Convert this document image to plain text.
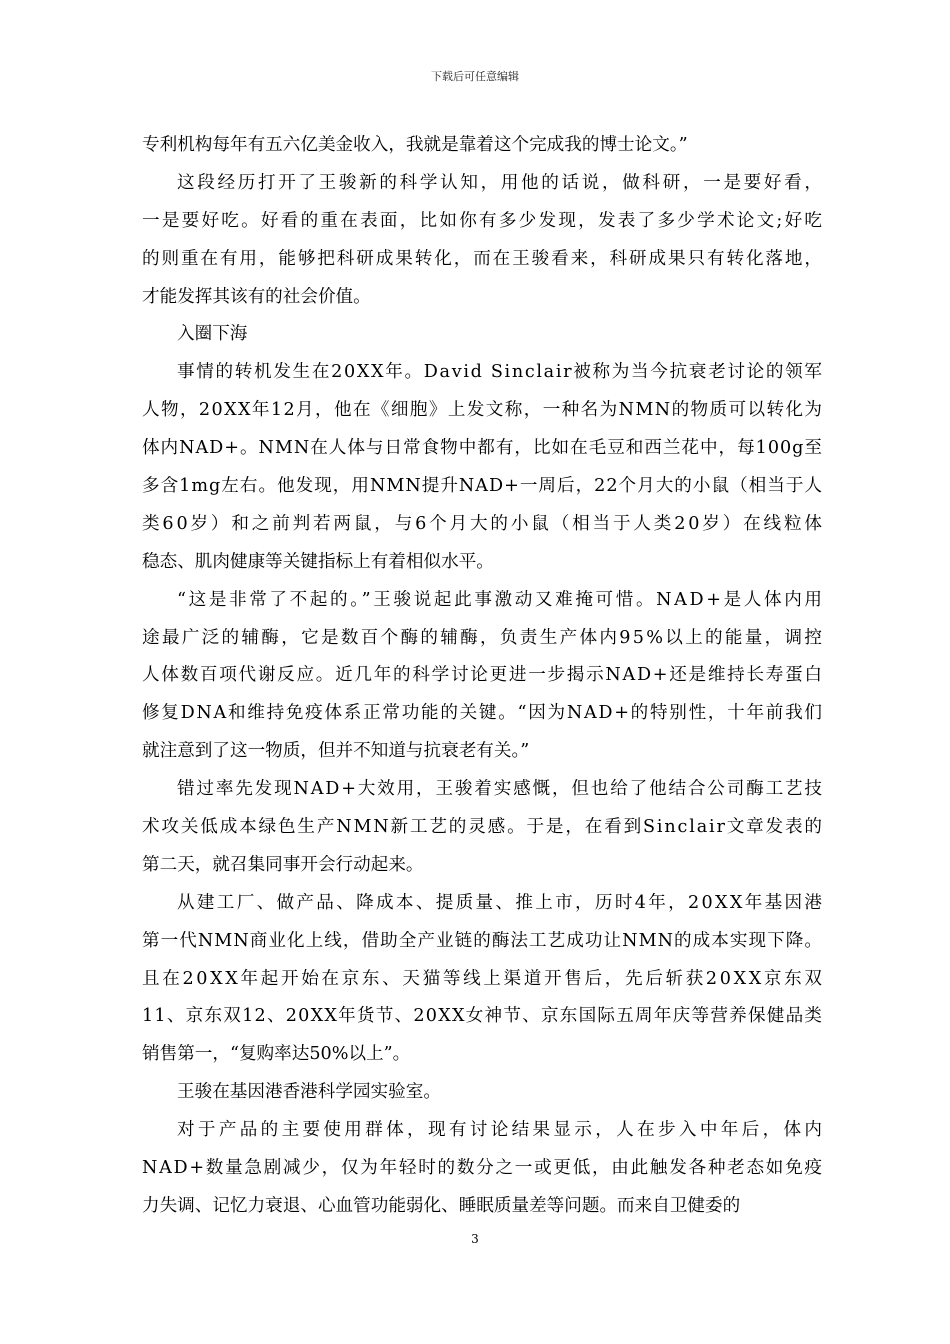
下载后可任意编辑
专利机构每年有五六亿美金收入，我就是靠着这个完成我的博士论文。”
这段经历打开了王骏新的科学认知，用他的话说，做科研，一是要好看，
一是要好吃。好看的重在表面，比如你有多少发现，发表了多少学术论文;好吃
的则重在有用，能够把科研成果转化，而在王骏看来，科研成果只有转化落地，
才能发挥其该有的社会价值。
入圈下海
事情的转机发生在20XX年。David Sinclair被称为当今抗衰老讨论的领军
人物，20XX年12月，他在《细胞》上发文称，一种名为NMN的物质可以转化为
体内NAD+。NMN在人体与日常食物中都有，比如在毛豆和西兰花中，每100g至
多含1mg左右。他发现，用NMN提升NAD+一周后，22个月大的小鼠（相当于人
类60岁）和之前判若两鼠，与6个月大的小鼠（相当于人类20岁）在线粒体
稳态、肌肉健康等关键指标上有着相似水平。
“这是非常了不起的。”王骏说起此事激动又难掩可惜。NAD+是人体内用
途最广泛的辅酶，它是数百个酶的辅酶，负责生产体内95%以上的能量，调控
人体数百项代谢反应。近几年的科学讨论更进一步揭示NAD+还是维持长寿蛋白
修复DNA和维持免疫体系正常功能的关键。“因为NAD+的特别性，十年前我们
就注意到了这一物质，但并不知道与抗衰老有关。”
错过率先发现NAD+大效用，王骏着实感慨，但也给了他结合公司酶工艺技
术攻关低成本绿色生产NMN新工艺的灵感。于是，在看到Sinclair文章发表的
第二天，就召集同事开会行动起来。
从建工厂、做产品、降成本、提质量、推上市，历时4年，20XX年基因港
第一代NMN商业化上线，借助全产业链的酶法工艺成功让NMN的成本实现下降。
且在20XX年起开始在京东、天猫等线上渠道开售后，先后斩获20XX京东双
11、京东双12、20XX年货节、20XX女神节、京东国际五周年庆等营养保健品类
销售第一，“复购率达50%以上”。
王骏在基因港香港科学园实验室。
对于产品的主要使用群体，现有讨论结果显示，人在步入中年后，体内
NAD+数量急剧减少，仅为年轻时的数分之一或更低，由此触发各种老态如免疫
力失调、记忆力衰退、心血管功能弱化、睡眠质量差等问题。而来自卫健委的
3
